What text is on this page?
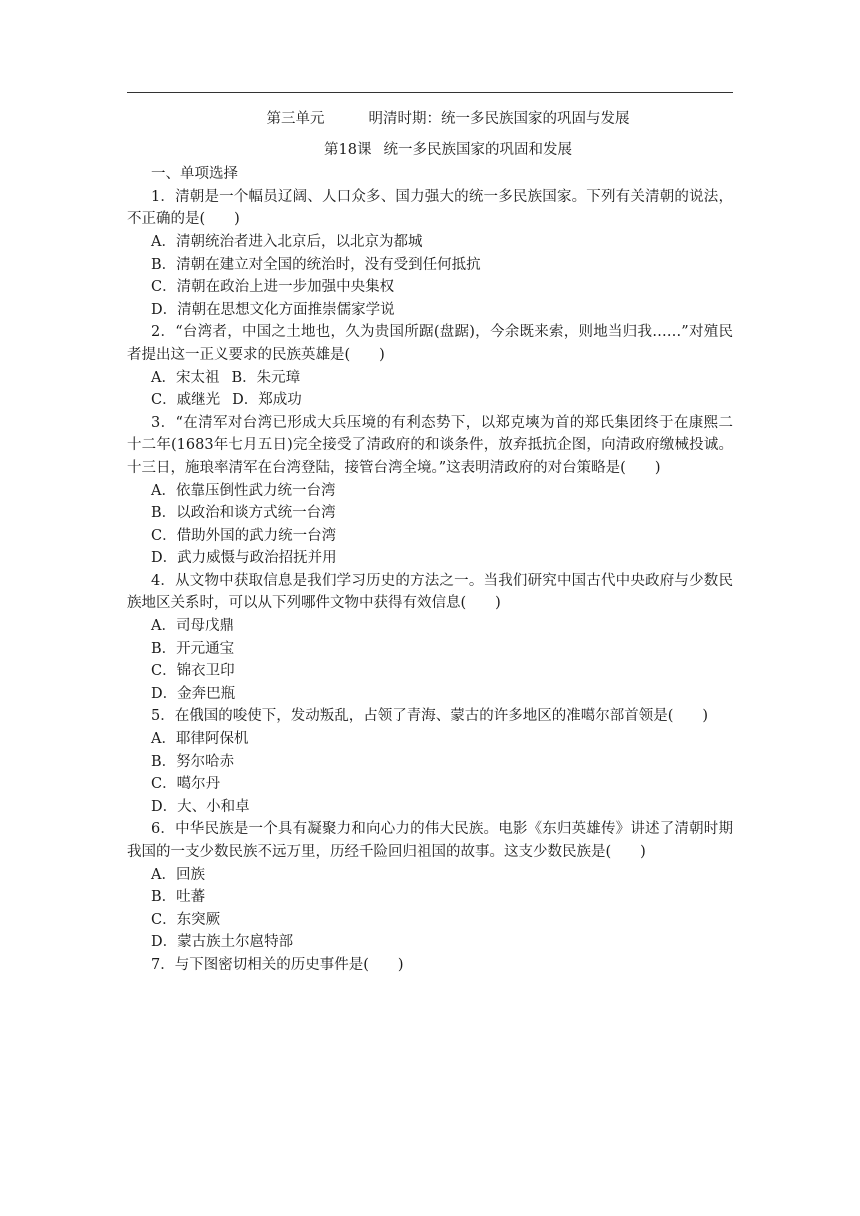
第三单元	明清时期：统一多民族国家的巩固与发展
第18课 统一多民族国家的巩固和发展
一、单项选择

1．清朝是一个幅员辽阔、人口众多、国力强大的统一多民族国家。下列有关清朝的说法，不正确的是(　　)

A．清朝统治者进入北京后，以北京为都城

B．清朝在建立对全国的统治时，没有受到任何抵抗

C．清朝在政治上进一步加强中央集权

D．清朝在思想文化方面推崇儒家学说

2．“台湾者，中国之土地也，久为贵国所踞(盘踞)，今余既来索，则地当归我……”对殖民者提出这一正义要求的民族英雄是(　　)

A．宋太祖 B．朱元璋

C．戚继光 D．郑成功

3．“在清军对台湾已形成大兵压境的有利态势下，以郑克塽为首的郑氏集团终于在康熙二十二年(1683年七月五日)完全接受了清政府的和谈条件，放弃抵抗企图，向清政府缴械投诚。十三日，施琅率清军在台湾登陆，接管台湾全境。”这表明清政府的对台策略是(　　)

A．依靠压倒性武力统一台湾

B．以政治和谈方式统一台湾

C．借助外国的武力统一台湾

D．武力威慑与政治招抚并用

4．从文物中获取信息是我们学习历史的方法之一。当我们研究中国古代中央政府与少数民族地区关系时，可以从下列哪件文物中获得有效信息(　　)

A．司母戊鼎

B．开元通宝

C．锦衣卫印

D．金奔巴瓶

5．在俄国的唆使下，发动叛乱，占领了青海、蒙古的许多地区的准噶尔部首领是(　　)

A．耶律阿保机

B．努尔哈赤

C．噶尔丹

D．大、小和卓

6．中华民族是一个具有凝聚力和向心力的伟大民族。电影《东归英雄传》讲述了清朝时期我国的一支少数民族不远万里，历经千险回归祖国的故事。这支少数民族是(　　)

A．回族

B．吐蕃

C．东突厥

D．蒙古族土尔扈特部

7．与下图密切相关的历史事件是(　　)
